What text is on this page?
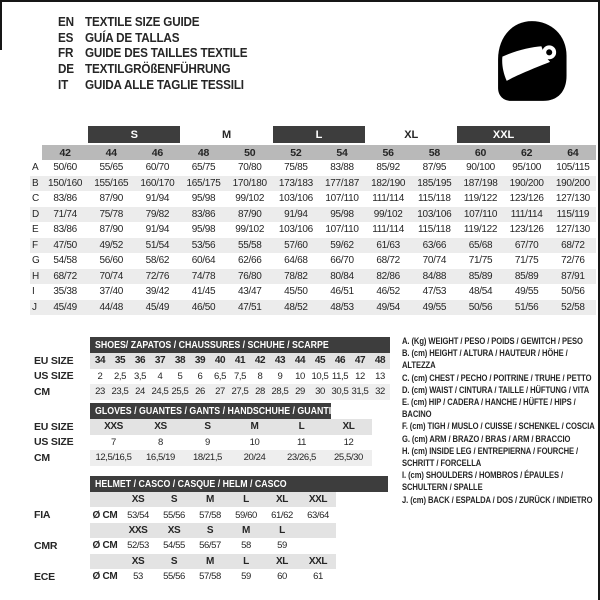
EN TEXTILE SIZE GUIDE
ES GUÍA DE TALLAS
FR GUIDE DES TAILLES TEXTILE
DE TEXTILGRÖßENFÜHRUNG
IT	GUIDA ALLE TAGLIE TESSILI
		S		M		L		XL		XXL		
	42	44	46	48	50	52	54	56	58	60	62	64
A	50/60	55/65	60/70	65/75	70/80	75/85	83/88	85/92	87/95	90/100	95/100	105/115
B	150/160	155/165	160/170	165/175	170/180	173/183	177/187	182/190	185/195	187/198	190/200	190/200
C	83/86	87/90	91/94	95/98	99/102	103/106	107/110	111/114	115/118	119/122	123/126	127/130
D	71/74	75/78	79/82	83/86	87/90	91/94	95/98	99/102	103/106	107/110	111/114	115/119
E	83/86	87/90	91/94	95/98	99/102	103/106	107/110	111/114	115/118	119/122	123/126	127/130
F	47/50	49/52	51/54	53/56	55/58	57/60	59/62	61/63	63/66	65/68	67/70	68/72
G	54/58	56/60	58/62	60/64	62/66	64/68	66/70	68/72	70/74	71/75	71/75	72/76
H	68/72	70/74	72/76	74/78	76/80	78/82	80/84	82/86	84/88	85/89	85/89	87/91
I	35/38	37/40	39/42	41/45	43/47	45/50	46/51	46/52	47/53	48/54	49/55	50/56
J	45/49	44/48	45/49	46/50	47/51	48/52	48/53	49/54	49/55	50/56	51/56	52/58
SHOES/ ZAPATOS / CHAUSSURES / SCHUHE / SCARPE
EU SIZE	34	35	36	37	38	39	40	41	42	43	44	45	46	47	48
US SIZE	2	2,5	3,5	4	5	6	6,5	7,5	8	9	10	10,5	11,5	12	13
CM	23	23,5	24	24,5	25,5	26	27	27,5	28	28,5	29	30	30,5	31,5	32
GLOVES / GUANTES / GANTS / HANDSCHUHE / GUANTI
EU SIZE	XXS	XS	S	M	L	XL
US SIZE	7	8	9	10	11	12
CM	12,5/16,5	16,5/19	18/21,5	20/24	23/26,5	25,5/30
HELMET / CASCO / CASQUE / HELM / CASCO
		XS	S	M	L	XL	XXL
FIA	Ø CM	53/54	55/56	57/58	59/60	61/62	63/64
		XXS	XS	S	M	L	
CMR	Ø CM	52/53	54/55	56/57	58	59	
		XS	S	M	L	XL	XXL
ECE	Ø CM	53	55/56	57/58	59	60	61
A. (Kg) WEIGHT / PESO / POIDS / GEWITCH / PESO
B. (cm) HEIGHT / ALTURA / HAUTEUR / HÖHE / ALTEZZA
C. (cm) CHEST / PECHO / POITRINE / TRUHE / PETTO
D. (cm) WAIST / CINTURA / TAILLE / HÜFTUNG / VITA
E. (cm) HIP / CADERA / HANCHE / HÜFTE / HIPS / BACINO
F. (cm) TIGH / MUSLO / CUISSE / SCHENKEL / COSCIA
G. (cm) ARM / BRAZO / BRAS / ARM / BRACCIO
H. (cm) INSIDE LEG / ENTREPIERNA / FOURCHE / SCHRITT / FORCELLA
I. (cm) SHOULDERS / HOMBROS / ÉPAULES / SCHULTERN / SPALLE
J. (cm) BACK / ESPALDA / DOS / ZURÜCK / INDIETRO
